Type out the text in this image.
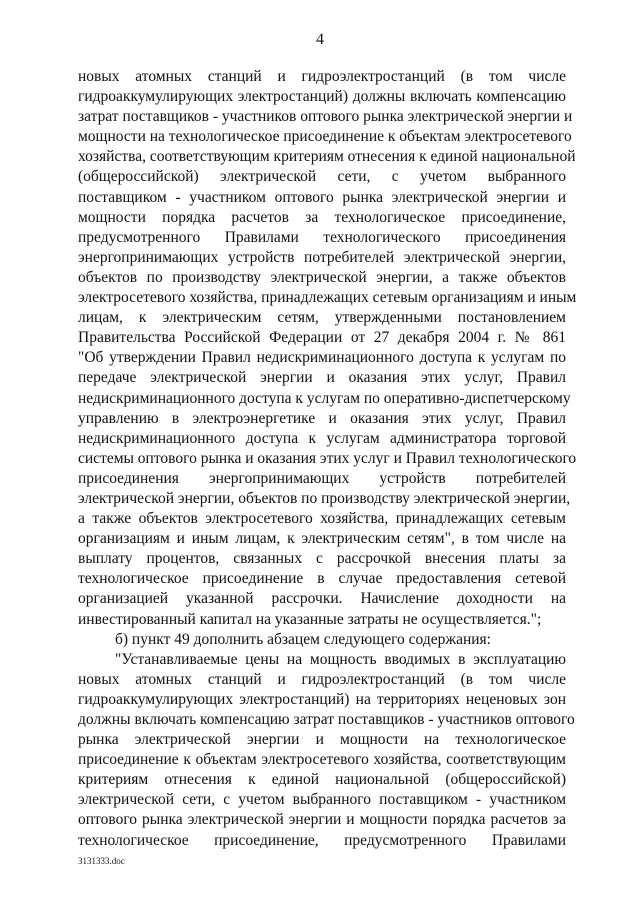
4
новых атомных станций и гидроэлектростанций (в том числе
гидроаккумулирующих электростанций) должны включать компенсацию
затрат поставщиков - участников оптового рынка электрической энергии и
мощности на технологическое присоединение к объектам электросетевого
хозяйства, соответствующим критериям отнесения к единой национальной
(общероссийской) электрической сети, с учетом выбранного
поставщиком - участником оптового рынка электрической энергии и
мощности порядка расчетов за технологическое присоединение,
предусмотренного Правилами технологического присоединения
энергопринимающих устройств потребителей электрической энергии,
объектов по производству электрической энергии, а также объектов
электросетевого хозяйства, принадлежащих сетевым организациям и иным
лицам, к электрическим сетям, утвержденными постановлением
Правительства Российской Федерации от 27 декабря 2004 г. № 861
"Об утверждении Правил недискриминационного доступа к услугам по
передаче электрической энергии и оказания этих услуг, Правил
недискриминационного доступа к услугам по оперативно-диспетчерскому
управлению в электроэнергетике и оказания этих услуг, Правил
недискриминационного доступа к услугам администратора торговой
системы оптового рынка и оказания этих услуг и Правил технологического
присоединения энергопринимающих устройств потребителей
электрической энергии, объектов по производству электрической энергии,
а также объектов электросетевого хозяйства, принадлежащих сетевым
организациям и иным лицам, к электрическим сетям", в том числе на
выплату процентов, связанных с рассрочкой внесения платы за
технологическое присоединение в случае предоставления сетевой
организацией указанной рассрочки. Начисление доходности на
инвестированный капитал на указанные затраты не осуществляется.";
б) пункт 49 дополнить абзацем следующего содержания:
"Устанавливаемые цены на мощность вводимых в эксплуатацию
новых атомных станций и гидроэлектростанций (в том числе
гидроаккумулирующих электростанций) на территориях неценовых зон
должны включать компенсацию затрат поставщиков - участников оптового
рынка электрической энергии и мощности на технологическое
присоединение к объектам электросетевого хозяйства, соответствующим
критериям отнесения к единой национальной (общероссийской)
электрической сети, с учетом выбранного поставщиком - участником
оптового рынка электрической энергии и мощности порядка расчетов за
технологическое присоединение, предусмотренного Правилами
3131333.doc
